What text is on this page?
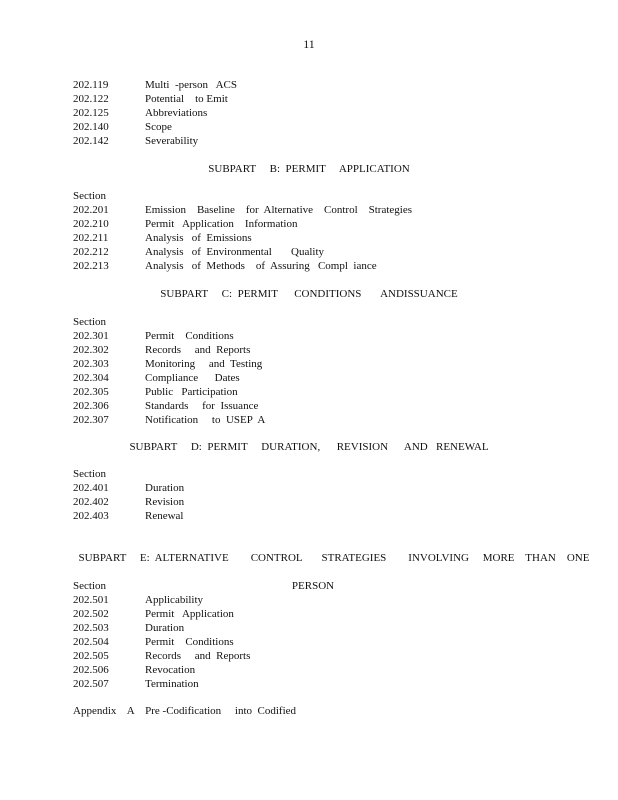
11
202.119	Multi  -person   ACS
202.122	Potential    to Emit
202.125	Abbreviations
202.140	Scope
202.142	Severability
SUBPART     B:  PERMIT     APPLICATION
Section
202.201	Emission    Baseline    for  Alternative    Control    Strategies
202.210	Permit   Application    Information
202.211	Analysis   of  Emissions
202.212	Analysis   of  Environmental       Quality
202.213	Analysis   of  Methods    of  Assuring   Compl  iance
SUBPART     C:  PERMIT      CONDITIONS       ANDISSUANCE
Section
202.301	Permit    Conditions
202.302	Records     and  Reports
202.303	Monitoring     and  Testing
202.304	Compliance      Dates
202.305	Public   Participation
202.306	Standards     for  Issuance
202.307	Notification     to  USEP  A
SUBPART     D:  PERMIT     DURATION,      REVISION      AND   RENEWAL
Section
202.401	Duration
202.402	Revision
202.403	Renewal

SUBPART     E:  ALTERNATIVE        CONTROL       STRATEGIES        INVOLVING     MORE    THAN    ONE

PERSON

Section
202.501	Applicability
202.502	Permit   Application
202.503	Duration
202.504	Permit    Conditions
202.505	Records     and  Reports
202.506	Revocation
202.507	Termination
Appendix    A    Pre -Codification     into  Codified
